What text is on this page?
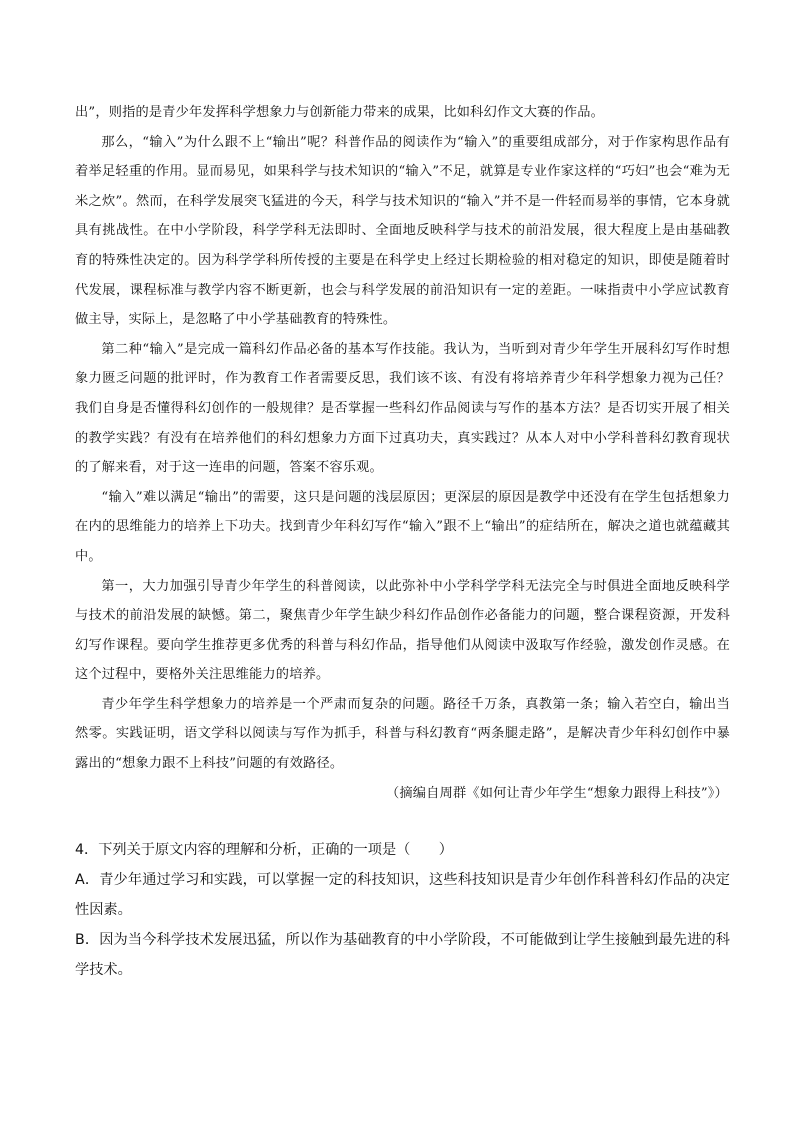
出”，则指的是青少年发挥科学想象力与创新能力带来的成果，比如科幻作文大赛的作品。

那么，“输入”为什么跟不上“输出”呢？科普作品的阅读作为“输入”的重要组成部分，对于作家构思作品有着举足轻重的作用。显而易见，如果科学与技术知识的“输入”不足，就算是专业作家这样的“巧妇”也会“难为无米之炊”。然而，在科学发展突飞猛进的今天，科学与技术知识的“输入”并不是一件轻而易举的事情，它本身就具有挑战性。在中小学阶段，科学学科无法即时、全面地反映科学与技术的前沿发展，很大程度上是由基础教育的特殊性决定的。因为科学学科所传授的主要是在科学史上经过长期检验的相对稳定的知识，即使是随着时代发展，课程标准与教学内容不断更新，也会与科学发展的前沿知识有一定的差距。一味指责中小学应试教育做主导，实际上，是忽略了中小学基础教育的特殊性。

第二种“输入”是完成一篇科幻作品必备的基本写作技能。我认为，当听到对青少年学生开展科幻写作时想象力匮乏问题的批评时，作为教育工作者需要反思，我们该不该、有没有将培养青少年科学想象力视为己任？我们自身是否懂得科幻创作的一般规律？是否掌握一些科幻作品阅读与写作的基本方法？是否切实开展了相关的教学实践？有没有在培养他们的科幻想象力方面下过真功夫，真实践过？从本人对中小学科普科幻教育现状的了解来看，对于这一连串的问题，答案不容乐观。

“输入”难以满足“输出”的需要，这只是问题的浅层原因；更深层的原因是教学中还没有在学生包括想象力在内的思维能力的培养上下功夫。找到青少年科幻写作“输入”跟不上“输出”的症结所在，解决之道也就蕴藏其中。

第一，大力加强引导青少年学生的科普阅读，以此弥补中小学科学学科无法完全与时俱进全面地反映科学与技术的前沿发展的缺憾。第二，聚焦青少年学生缺少科幻作品创作必备能力的问题，整合课程资源，开发科幻写作课程。要向学生推荐更多优秀的科普与科幻作品，指导他们从阅读中汲取写作经验，激发创作灵感。在这个过程中，要格外关注思维能力的培养。

青少年学生科学想象力的培养是一个严肃而复杂的问题。路径千万条，真教第一条；输入若空白，输出当然零。实践证明，语文学科以阅读与写作为抓手，科普与科幻教育“两条腿走路”，是解决青少年科幻创作中暴露出的“想象力跟不上科技”问题的有效路径。

（摘编自周群《如何让青少年学生“想象力跟得上科技”》）

4．下列关于原文内容的理解和分析，正确的一项是（　　）

A．青少年通过学习和实践，可以掌握一定的科技知识，这些科技知识是青少年创作科普科幻作品的决定性因素。

B．因为当今科学技术发展迅猛，所以作为基础教育的中小学阶段，不可能做到让学生接触到最先进的科学技术。
